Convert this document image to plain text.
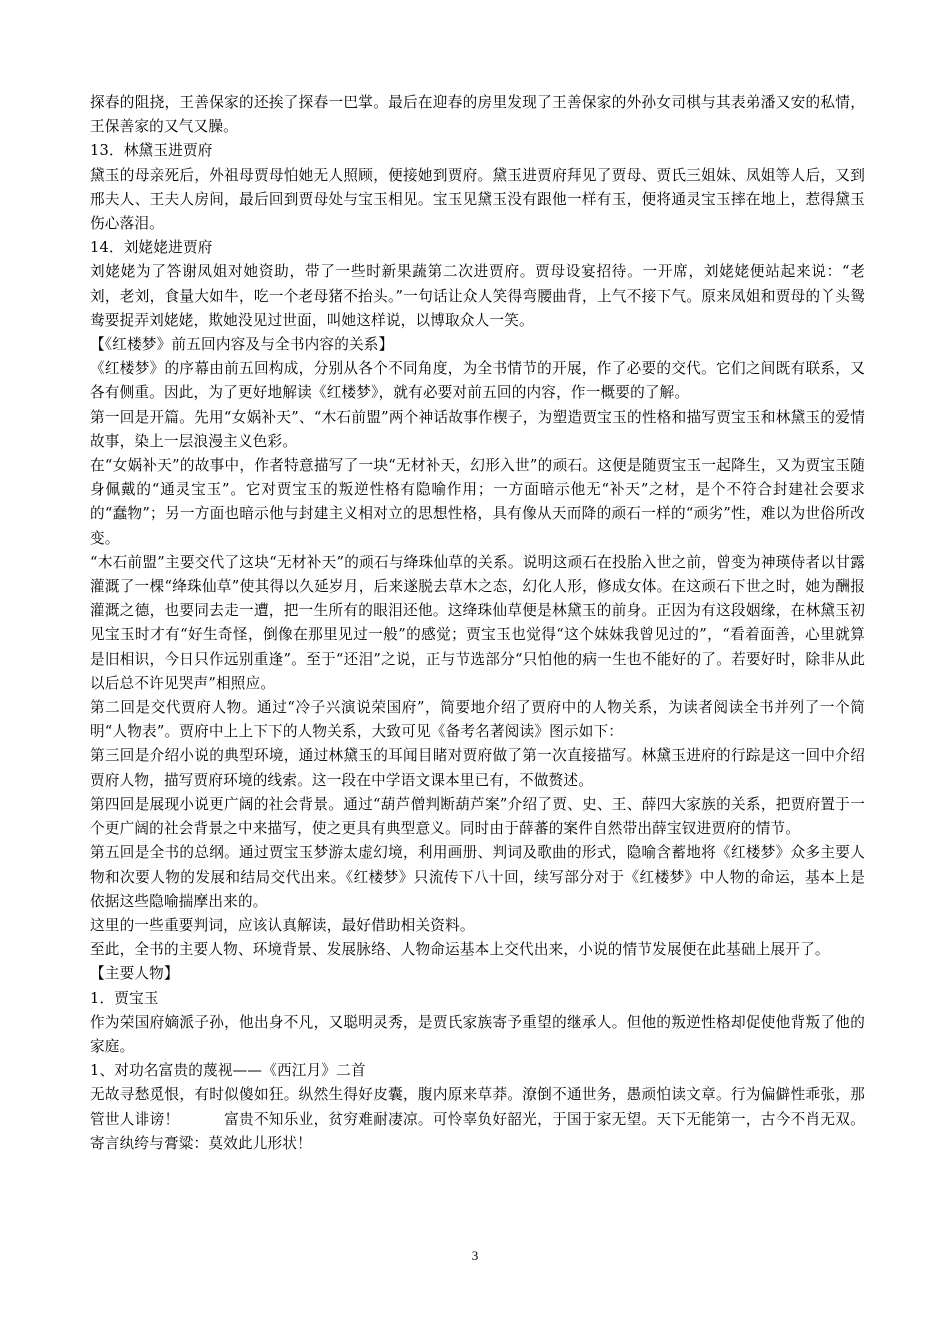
探春的阻挠，王善保家的还挨了探春一巴掌。最后在迎春的房里发现了王善保家的外孙女司棋与其表弟潘又安的私情，王保善家的又气又臊。

13．林黛玉进贾府

黛玉的母亲死后，外祖母贾母怕她无人照顾，便接她到贾府。黛玉进贾府拜见了贾母、贾氏三姐妹、凤姐等人后，又到邢夫人、王夫人房间，最后回到贾母处与宝玉相见。宝玉见黛玉没有跟他一样有玉，便将通灵宝玉摔在地上，惹得黛玉伤心落泪。

14．刘姥姥进贾府

刘姥姥为了答谢凤姐对她资助，带了一些时新果蔬第二次进贾府。贾母设宴招待。一开席，刘姥姥便站起来说：“老刘，老刘，食量大如牛，吃一个老母猪不抬头。”一句话让众人笑得弯腰曲背，上气不接下气。原来凤姐和贾母的丫头鸳鸯要捉弄刘姥姥，欺她没见过世面，叫她这样说，以博取众人一笑。

【《红楼梦》前五回内容及与全书内容的关系】

《红楼梦》的序幕由前五回构成，分别从各个不同角度，为全书情节的开展，作了必要的交代。它们之间既有联系，又各有侧重。因此，为了更好地解读《红楼梦》，就有必要对前五回的内容，作一概要的了解。

第一回是开篇。先用“女娲补天”、“木石前盟”两个神话故事作楔子，为塑造贾宝玉的性格和描写贾宝玉和林黛玉的爱情故事，染上一层浪漫主义色彩。

在“女娲补天”的故事中，作者特意描写了一块“无材补天，幻形入世”的顽石。这便是随贾宝玉一起降生，又为贾宝玉随身佩戴的“通灵宝玉”。它对贾宝玉的叛逆性格有隐喻作用；一方面暗示他无“补天”之材，是个不符合封建社会要求的“蠢物”；另一方面也暗示他与封建主义相对立的思想性格，具有像从天而降的顽石一样的“顽劣”性，难以为世俗所改变。

“木石前盟”主要交代了这块“无材补天”的顽石与绛珠仙草的关系。说明这顽石在投胎入世之前，曾变为神瑛侍者以甘露灌溉了一棵“绛珠仙草”使其得以久延岁月，后来遂脱去草木之态，幻化人形，修成女体。在这顽石下世之时，她为酬报灌溉之德，也要同去走一遭，把一生所有的眼泪还他。这绛珠仙草便是林黛玉的前身。正因为有这段姻缘，在林黛玉初见宝玉时才有“好生奇怪，倒像在那里见过一般”的感觉；贾宝玉也觉得“这个妹妹我曾见过的”，“看着面善，心里就算是旧相识，今日只作远别重逢”。至于“还泪”之说，正与节选部分“只怕他的病一生也不能好的了。若要好时，除非从此以后总不许见哭声”相照应。

第二回是交代贾府人物。通过“冷子兴演说荣国府”，简要地介绍了贾府中的人物关系，为读者阅读全书并列了一个简明“人物表”。贾府中上上下下的人物关系，大致可见《备考名著阅读》图示如下：

第三回是介绍小说的典型环境，通过林黛玉的耳闻目睹对贾府做了第一次直接描写。林黛玉进府的行踪是这一回中介绍贾府人物，描写贾府环境的线索。这一段在中学语文课本里已有，不做赘述。

第四回是展现小说更广阔的社会背景。通过“葫芦僧判断葫芦案”介绍了贾、史、王、薛四大家族的关系，把贾府置于一个更广阔的社会背景之中来描写，使之更具有典型意义。同时由于薛蕃的案件自然带出薛宝钗进贾府的情节。

第五回是全书的总纲。通过贾宝玉梦游太虚幻境，利用画册、判词及歌曲的形式，隐喻含蓄地将《红楼梦》众多主要人物和次要人物的发展和结局交代出来。《红楼梦》只流传下八十回，续写部分对于《红楼梦》中人物的命运，基本上是依据这些隐喻揣摩出来的。

这里的一些重要判词，应该认真解读，最好借助相关资料。

至此，全书的主要人物、环境背景、发展脉络、人物命运基本上交代出来，小说的情节发展便在此基础上展开了。

【主要人物】

1．贾宝玉

作为荣国府嫡派子孙，他出身不凡，又聪明灵秀，是贾氏家族寄予重望的继承人。但他的叛逆性格却促使他背叛了他的家庭。

1、对功名富贵的蔑视——《西江月》二首

无故寻愁觅恨，有时似傻如狂。纵然生得好皮囊，腹内原来草莽。潦倒不通世务，愚顽怕读文章。行为偏僻性乖张，那管世人诽谤！　　　富贵不知乐业，贫穷难耐凄凉。可怜辜负好韶光，于国于家无望。天下无能第一，古今不肖无双。寄言纨绔与膏粱：莫效此儿形状！

3
